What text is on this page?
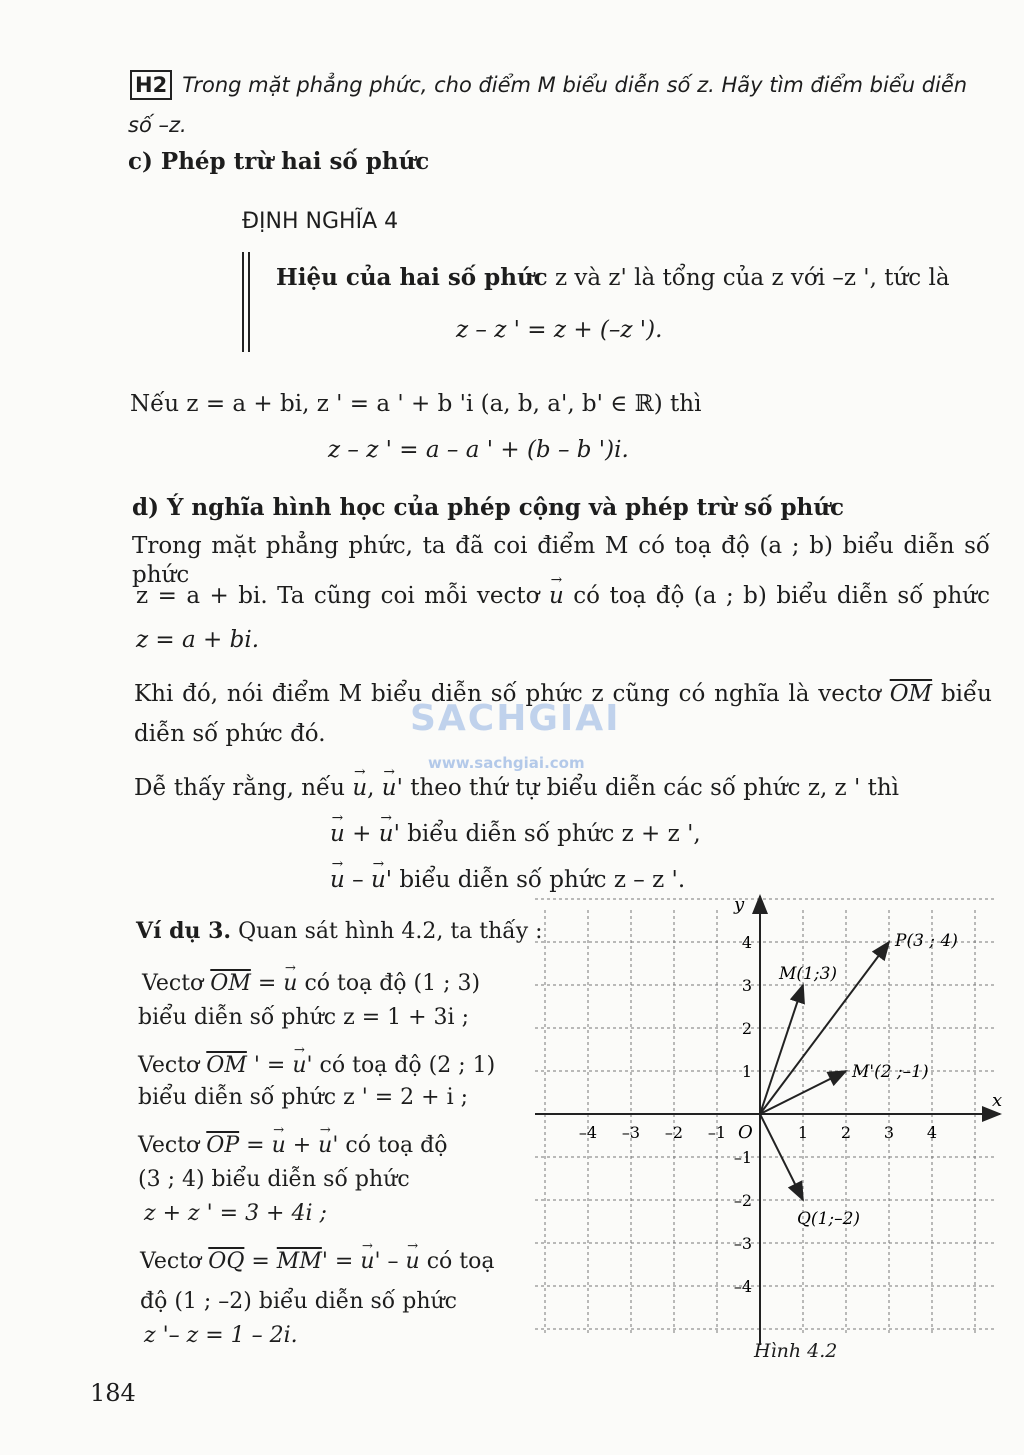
H2 Trong mặt phẳng phức, cho điểm M biểu diễn số z. Hãy tìm điểm biểu diễn
số –z.
c) Phép trừ hai số phức
ĐỊNH NGHĨA 4
Hiệu của hai số phức z và z' là tổng của z với –z ', tức là
z – z ' = z + (–z ').
Nếu z = a + bi, z ' = a ' + b 'i (a, b, a', b' ∈ ℝ) thì
z – z ' = a – a ' + (b – b ')i.
d) Ý nghĩa hình học của phép cộng và phép trừ số phức
Trong mặt phẳng phức, ta đã coi điểm M có toạ độ (a ; b) biểu diễn số phức
z = a + bi. Ta cũng coi mỗi vectơ → u có toạ độ (a ; b) biểu diễn số phức
z = a + bi.
Khi đó, nói điểm M biểu diễn số phức z cũng có nghĩa là vectơ $\overline{OM}$ biểu
diễn số phức đó.
Dễ thấy rằng, nếu → u, → u' theo thứ tự biểu diễn các số phức z, z ' thì
→ u + → u' biểu diễn số phức z + z ',
→ u – → u' biểu diễn số phức z – z '.
Ví dụ 3. Quan sát hình 4.2, ta thấy :
Vectơ $\overline{OM}$ = → u có toạ độ (1 ; 3)
biểu diễn số phức z = 1 + 3i ;
Vectơ $\overline{OM}$ ' = → u' có toạ độ (2 ; 1)
biểu diễn số phức z ' = 2 + i ;
Vectơ $\overline{OP}$ = → u + → u' có toạ độ
(3 ; 4) biểu diễn số phức
z + z ' = 3 + 4i ;
Vectơ $\overline{OQ} = \overline{MM}'$ = → u' – → u có toạ
độ (1 ; –2) biểu diễn số phức
z '– z = 1 – 2i.
–4 –3 –2 –1	1 2 3 4
4
3
2
1
–1
–2
–3
–4
M(1;3)
P(3 ; 4)
M'(2 ;–1)
Q(1;–2)
x
y
O
Hình 4.2
SACHGIAI
www.sachgiai.com
184
